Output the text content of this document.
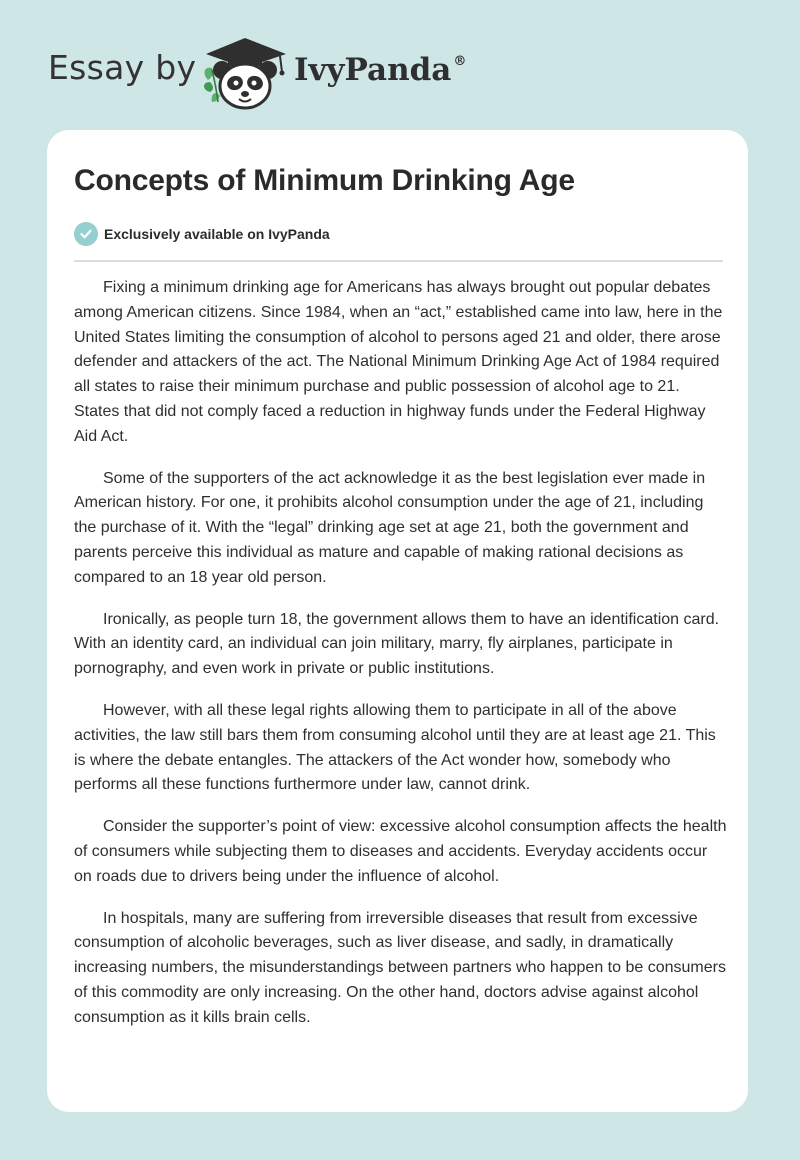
Essay by	IvyPanda ®
Concepts of Minimum Drinking Age
Exclusively available on IvyPanda

Fixing a minimum drinking age for Americans has always brought out popular debates among American citizens. Since 1984, when an “act,” established came into law, here in the United States limiting the consumption of alcohol to persons aged 21 and older, there arose defender and attackers of the act. The National Minimum Drinking Age Act of 1984 required all states to raise their minimum purchase and public possession of alcohol age to 21. States that did not comply faced a reduction in highway funds under the Federal Highway Aid Act.

Some of the supporters of the act acknowledge it as the best legislation ever made in American history. For one, it prohibits alcohol consumption under the age of 21, including the purchase of it. With the “legal” drinking age set at age 21, both the government and parents perceive this individual as mature and capable of making rational decisions as compared to an 18 year old person.

Ironically, as people turn 18, the government allows them to have an identification card. With an identity card, an individual can join military, marry, fly airplanes, participate in pornography, and even work in private or public institutions.

However, with all these legal rights allowing them to participate in all of the above activities, the law still bars them from consuming alcohol until they are at least age 21. This is where the debate entangles. The attackers of the Act wonder how, somebody who performs all these functions furthermore under law, cannot drink.

Consider the supporter’s point of view: excessive alcohol consumption affects the health of consumers while subjecting them to diseases and accidents. Everyday accidents occur on roads due to drivers being under the influence of alcohol.

In hospitals, many are suffering from irreversible diseases that result from excessive consumption of alcoholic beverages, such as liver disease, and sadly, in dramatically increasing numbers, the misunderstandings between partners who happen to be consumers of this commodity are only increasing. On the other hand, doctors advise against alcohol consumption as it kills brain cells.
